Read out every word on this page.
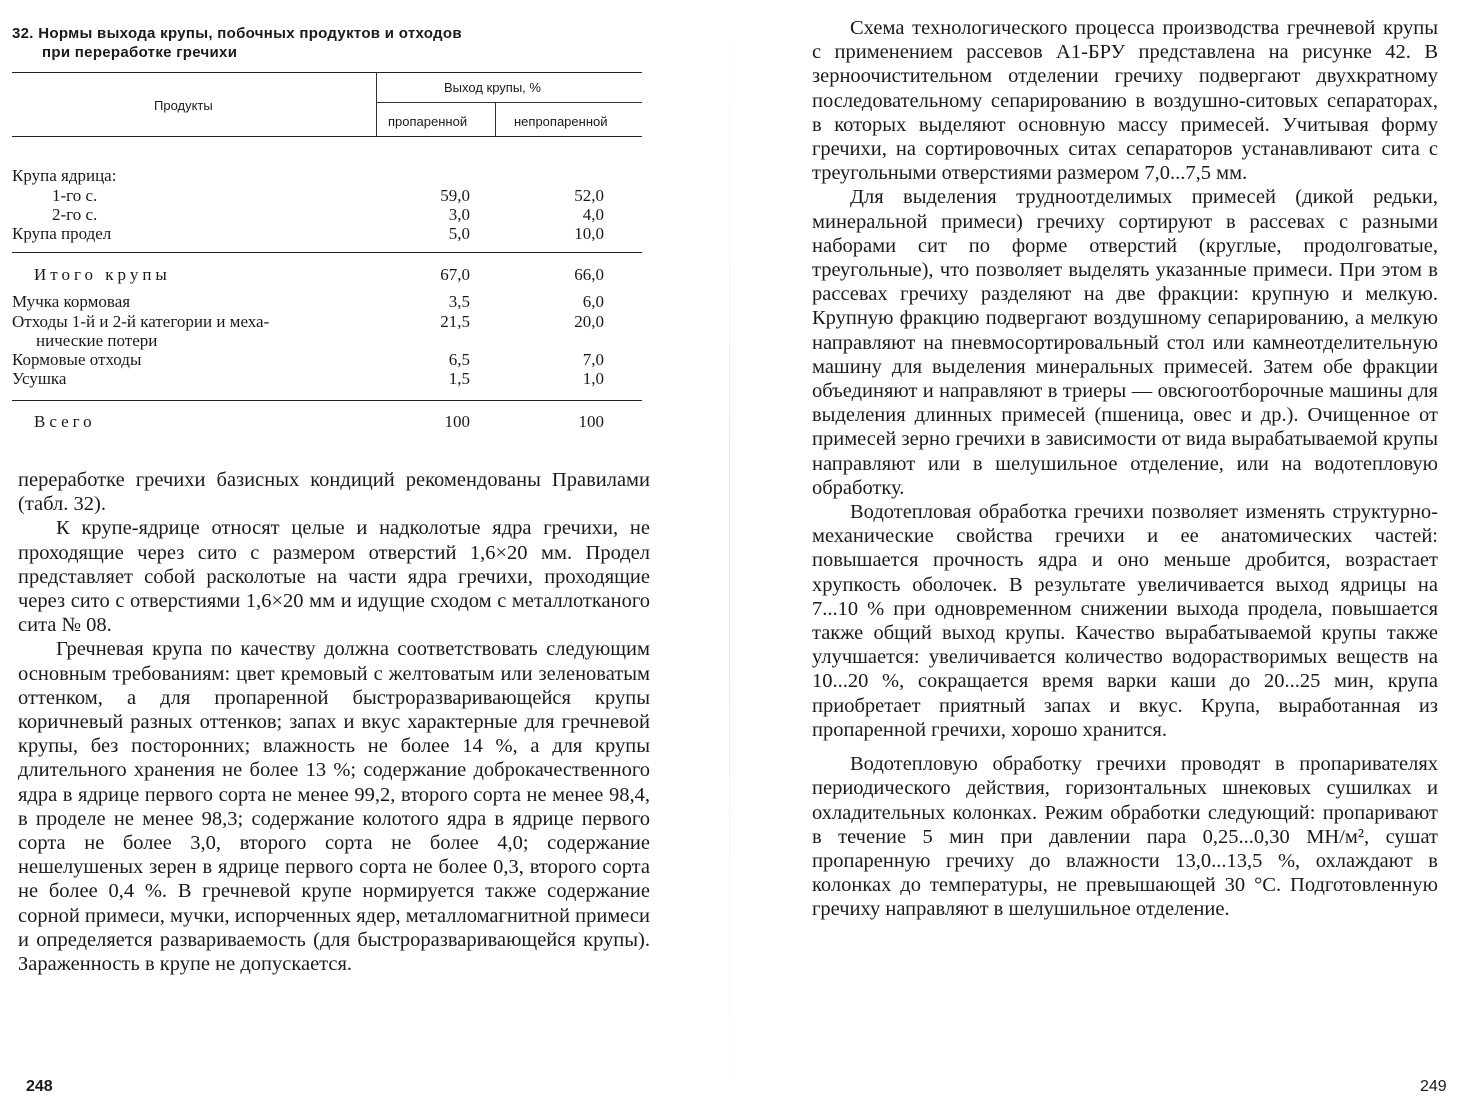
32. Нормы выхода крупы, побочных продуктов и отходов
при переработке гречихи
Продукты
Выход крупы, %
пропаренной	непропаренной
Крупа ядрица:
1-го с.	59,0	52,0
2-го с.	3,0	4,0
Крупа продел	5,0	10,0
Итого крупы	67,0	66,0
Мучка кормовая	3,5	6,0
Отходы 1-й и 2-й категории и меха-	21,5	20,0
нические потери
Кормовые отходы	6,5	7,0
Усушка	1,5	1,0
Всего	100	100

переработке гречихи базисных кондиций рекомендованы Правилами (табл. 32).

К крупе-ядрице относят целые и надколотые ядра гречихи, не проходящие через сито с размером отверстий 1,6×20 мм. Продел представляет собой расколотые на части ядра гречихи, проходящие через сито с отверстиями 1,6×20 мм и идущие сходом с металлотканого сита № 08.

Гречневая крупа по качеству должна соответствовать следующим основным требованиям: цвет кремовый с желтоватым или зеленоватым оттенком, а для пропаренной быстроразваривающейся крупы коричневый разных оттенков; запах и вкус характерные для гречневой крупы, без посторонних; влажность не более 14 %, а для крупы длительного хранения не более 13 %; содержание доброкачественного ядра в ядрице первого сорта не менее 99,2, второго сорта не менее 98,4, в проделе не менее 98,3; содержание колотого ядра в ядрице первого сорта не более 3,0, второго сорта не более 4,0; содержание нешелушеных зерен в ядрице первого сорта не более 0,3, второго сорта не более 0,4 %. В гречневой крупе нормируется также содержание сорной примеси, мучки, испорченных ядер, металломагнитной примеси и определяется развариваемость (для быстроразваривающейся крупы). Зараженность в крупе не допускается.

248

Схема технологического процесса производства гречневой крупы с применением рассевов А1-БРУ представлена на рисунке 42. В зерноочистительном отделении гречиху подвергают двухкратному последовательному сепарированию в воздушно-ситовых сепараторах, в которых выделяют основную массу примесей. Учитывая форму гречихи, на сортировочных ситах сепараторов устанавливают сита с треугольными отверстиями размером 7,0...7,5 мм.

Для выделения трудноотделимых примесей (дикой редьки, минеральной примеси) гречиху сортируют в рассевах с разными наборами сит по форме отверстий (круглые, продолговатые, треугольные), что позволяет выделять указанные примеси. При этом в рассевах гречиху разделяют на две фракции: крупную и мелкую. Крупную фракцию подвергают воздушному сепарированию, а мелкую направляют на пневмосортировальный стол или камнеотделительную машину для выделения минеральных примесей. Затем обе фракции объединяют и направляют в триеры — овсюгоотборочные машины для выделения длинных примесей (пшеница, овес и др.). Очищенное от примесей зерно гречихи в зависимости от вида вырабатываемой крупы направляют или в шелушильное отделение, или на водотепловую обработку.

Водотепловая обработка гречихи позволяет изменять структурно-механические свойства гречихи и ее анатомических частей: повышается прочность ядра и оно меньше дробится, возрастает хрупкость оболочек. В результате увеличивается выход ядрицы на 7...10 % при одновременном снижении выхода продела, повышается также общий выход крупы. Качество вырабатываемой крупы также улучшается: увеличивается количество водорастворимых веществ на 10...20 %, сокращается время варки каши до 20...25 мин, крупа приобретает приятный запах и вкус. Крупа, выработанная из пропаренной гречихи, хорошо хранится.

Водотепловую обработку гречихи проводят в пропаривателях периодического действия, горизонтальных шнековых сушилках и охладительных колонках. Режим обработки следующий: пропаривают в течение 5 мин при давлении пара 0,25...0,30 МН/м², сушат пропаренную гречиху до влажности 13,0...13,5 %, охлаждают в колонках до температуры, не превышающей 30 °С. Подготовленную гречиху направляют в шелушильное отделение.

249
